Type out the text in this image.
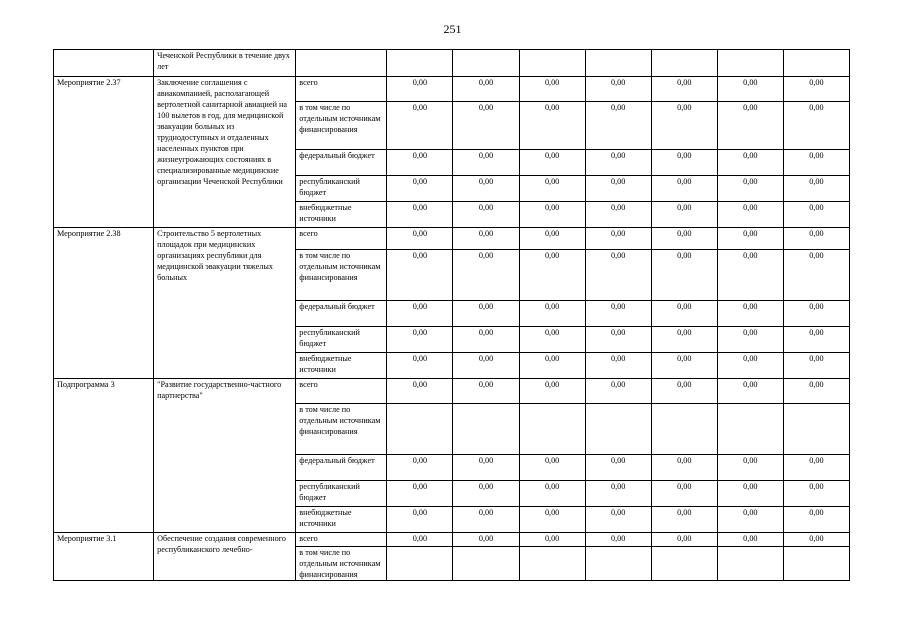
251
	Чеченской Республики в течение двух лет								
Мероприятие 2.37	Заключение соглашения с авиакомпанией, располагающей вертолетной санитарной авиацией на 100 вылетов в год, для медицинской эвакуации больных из труднодоступных и отдаленных населенных пунктов при жизнеугрожающих состояниях в специализированные медицинские организации Чеченской Республики	всего	0,00	0,00	0,00	0,00	0,00	0,00	0,00
		в том числе по отдельным источникам финансирования	0,00	0,00	0,00	0,00	0,00	0,00	0,00
		федеральный бюджет	0,00	0,00	0,00	0,00	0,00	0,00	0,00
		республиканский бюджет	0,00	0,00	0,00	0,00	0,00	0,00	0,00
		внебюджетные источники	0,00	0,00	0,00	0,00	0,00	0,00	0,00
Мероприятие 2.38	Строительство 5 вертолетных площадок при медицинских организациях республики для медицинской эвакуации тяжелых больных	всего	0,00	0,00	0,00	0,00	0,00	0,00	0,00
		в том числе по отдельным источникам финансирования	0,00	0,00	0,00	0,00	0,00	0,00	0,00
		федеральный бюджет	0,00	0,00	0,00	0,00	0,00	0,00	0,00
		республиканский бюджет	0,00	0,00	0,00	0,00	0,00	0,00	0,00
		внебюджетные источники	0,00	0,00	0,00	0,00	0,00	0,00	0,00
Подпрограмма 3	"Развитие государственно-частного партнерства"	всего	0,00	0,00	0,00	0,00	0,00	0,00	0,00
		в том числе по отдельным источникам финансирования							
		федеральный бюджет	0,00	0,00	0,00	0,00	0,00	0,00	0,00
		республиканский бюджет	0,00	0,00	0,00	0,00	0,00	0,00	0,00
		внебюджетные источники	0,00	0,00	0,00	0,00	0,00	0,00	0,00
Мероприятие 3.1	Обеспечение создания современного республиканского лечебно-	всего	0,00	0,00	0,00	0,00	0,00	0,00	0,00
		в том числе по отдельным источникам финансирования							
